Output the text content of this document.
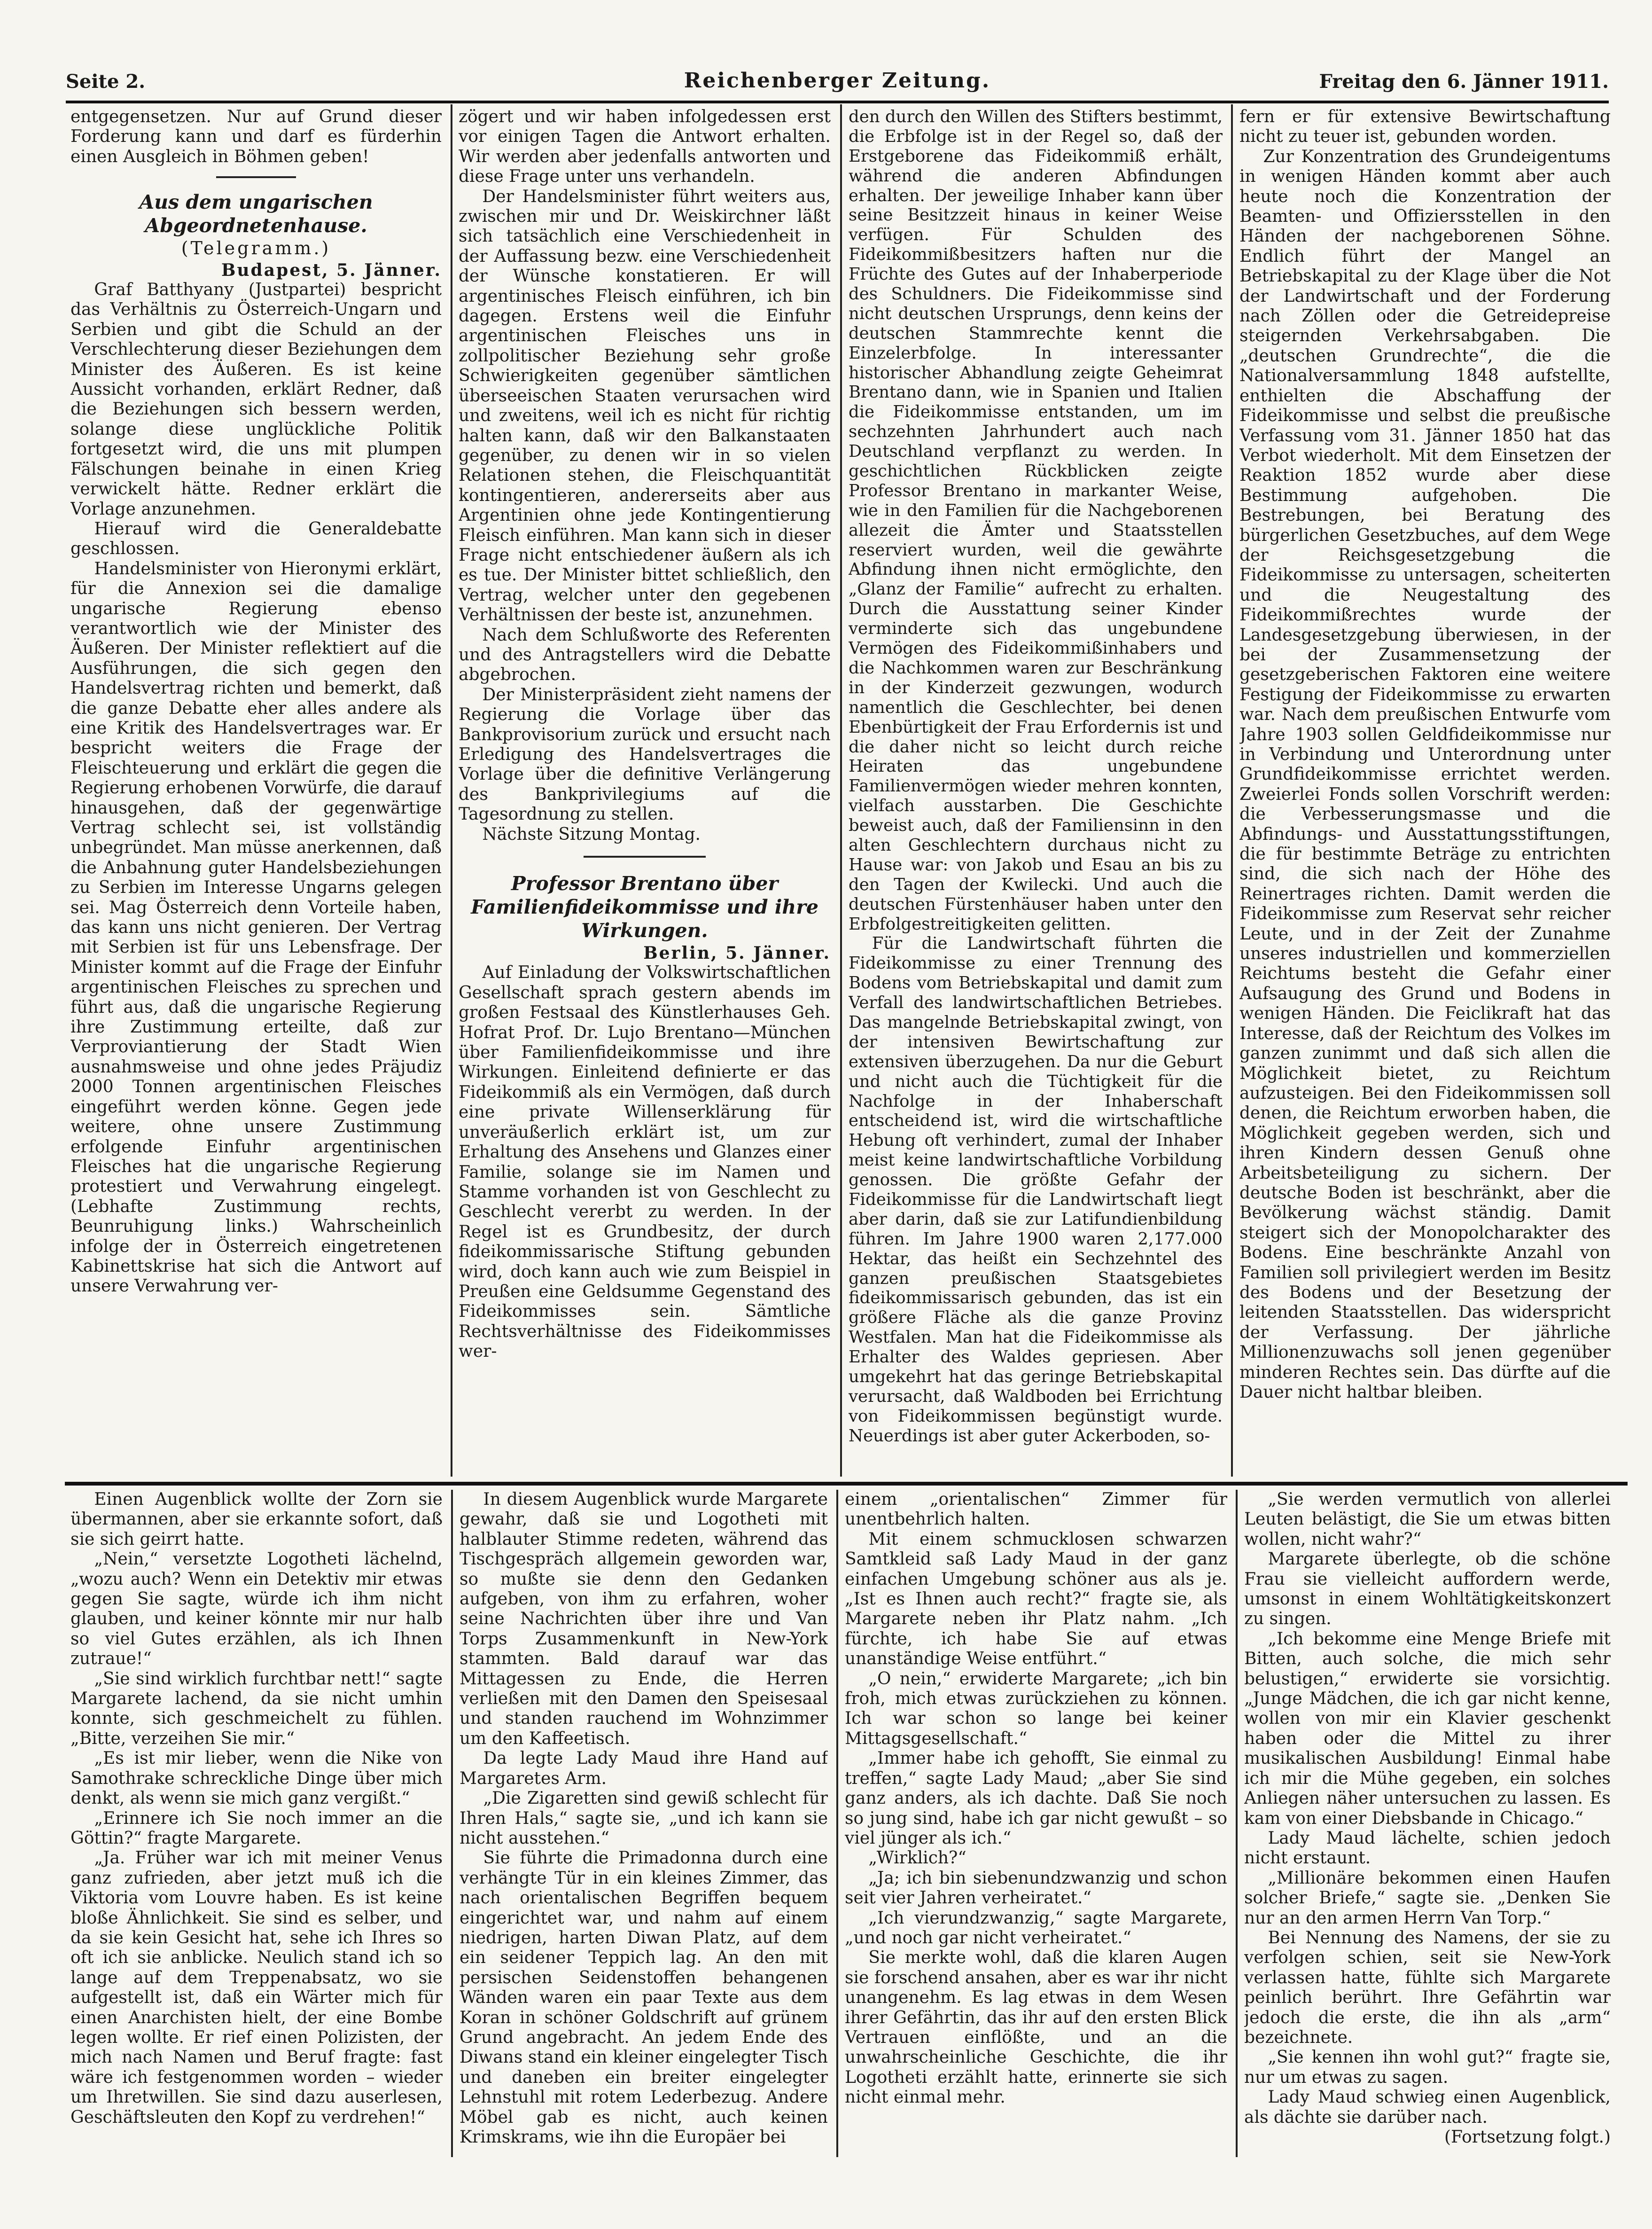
Seite 2.	Reichenberger Zeitung.	Freitag den 6. Jänner 1911.

entgegensetzen. Nur auf Grund dieser Forderung kann und darf es fürderhin einen Ausgleich in Böhmen geben!

Aus dem ungarischen Abgeordnetenhause.
(Telegramm.)
Budapest, 5. Jänner.

Graf Batthyany (Justpartei) bespricht das Verhältnis zu Österreich-Ungarn und Serbien und gibt die Schuld an der Verschlechterung dieser Beziehungen dem Minister des Äußeren. Es ist keine Aussicht vorhanden, erklärt Redner, daß die Beziehungen sich bessern werden, solange diese unglückliche Politik fortgesetzt wird, die uns mit plumpen Fälschungen beinahe in einen Krieg verwickelt hätte. Redner erklärt die Vorlage anzunehmen.

Hierauf wird die Generaldebatte geschlossen.

Handelsminister von Hieronymi erklärt, für die Annexion sei die damalige ungarische Regierung ebenso verantwortlich wie der Minister des Äußeren. Der Minister reflektiert auf die Ausführungen, die sich gegen den Handelsvertrag richten und bemerkt, daß die ganze Debatte eher alles andere als eine Kritik des Handelsvertrages war. Er bespricht weiters die Frage der Fleischteuerung und erklärt die gegen die Regierung erhobenen Vorwürfe, die darauf hinausgehen, daß der gegenwärtige Vertrag schlecht sei, ist vollständig unbegründet. Man müsse anerkennen, daß die Anbahnung guter Handelsbeziehungen zu Serbien im Interesse Ungarns gelegen sei. Mag Österreich denn Vorteile haben, das kann uns nicht genieren. Der Vertrag mit Serbien ist für uns Lebensfrage. Der Minister kommt auf die Frage der Einfuhr argentinischen Fleisches zu sprechen und führt aus, daß die ungarische Regierung ihre Zustimmung erteilte, daß zur Verproviantierung der Stadt Wien ausnahmsweise und ohne jedes Präjudiz 2000 Tonnen argentinischen Fleisches eingeführt werden könne. Gegen jede weitere, ohne unsere Zustimmung erfolgende Einfuhr argentinischen Fleisches hat die ungarische Regierung protestiert und Verwahrung eingelegt. (Lebhafte Zustimmung rechts, Beunruhigung links.) Wahrscheinlich infolge der in Österreich eingetretenen Kabinettskrise hat sich die Antwort auf unsere Verwahrung ver-

zögert und wir haben infolgedessen erst vor einigen Tagen die Antwort erhalten. Wir werden aber jedenfalls antworten und diese Frage unter uns verhandeln.

Der Handelsminister führt weiters aus, zwischen mir und Dr. Weiskirchner läßt sich tatsächlich eine Verschiedenheit in der Auffassung bezw. eine Verschiedenheit der Wünsche konstatieren. Er will argentinisches Fleisch einführen, ich bin dagegen. Erstens weil die Einfuhr argentinischen Fleisches uns in zollpolitischer Beziehung sehr große Schwierigkeiten gegenüber sämtlichen überseeischen Staaten verursachen wird und zweitens, weil ich es nicht für richtig halten kann, daß wir den Balkanstaaten gegenüber, zu denen wir in so vielen Relationen stehen, die Fleischquantität kontingentieren, andererseits aber aus Argentinien ohne jede Kontingentierung Fleisch einführen. Man kann sich in dieser Frage nicht entschiedener äußern als ich es tue. Der Minister bittet schließlich, den Vertrag, welcher unter den gegebenen Verhältnissen der beste ist, anzunehmen.

Nach dem Schlußworte des Referenten und des Antragstellers wird die Debatte abgebrochen.

Der Ministerpräsident zieht namens der Regierung die Vorlage über das Bankprovisorium zurück und ersucht nach Erledigung des Handelsvertrages die Vorlage über die definitive Verlängerung des Bankprivilegiums auf die Tagesordnung zu stellen.

Nächste Sitzung Montag.

Professor Brentano über Familienfideikommisse und ihre Wirkungen.
Berlin, 5. Jänner.

Auf Einladung der Volkswirtschaftlichen Gesellschaft sprach gestern abends im großen Festsaal des Künstlerhauses Geh. Hofrat Prof. Dr. Lujo Brentano—München über Familienfideikommisse und ihre Wirkungen. Einleitend definierte er das Fideikommiß als ein Vermögen, daß durch eine private Willenserklärung für unveräußerlich erklärt ist, um zur Erhaltung des Ansehens und Glanzes einer Familie, solange sie im Namen und Stamme vorhanden ist von Geschlecht zu Geschlecht vererbt zu werden. In der Regel ist es Grundbesitz, der durch fideikommissarische Stiftung gebunden wird, doch kann auch wie zum Beispiel in Preußen eine Geldsumme Gegenstand des Fideikommisses sein. Sämtliche Rechtsverhältnisse des Fideikommisses wer-

den durch den Willen des Stifters bestimmt, die Erbfolge ist in der Regel so, daß der Erstgeborene das Fideikommiß erhält, während die anderen Abfindungen erhalten. Der jeweilige Inhaber kann über seine Besitzzeit hinaus in keiner Weise verfügen. Für Schulden des Fideikommißbesitzers haften nur die Früchte des Gutes auf der Inhaberperiode des Schuldners. Die Fideikommisse sind nicht deutschen Ursprungs, denn keins der deutschen Stammrechte kennt die Einzelerbfolge. In interessanter historischer Abhandlung zeigte Geheimrat Brentano dann, wie in Spanien und Italien die Fideikommisse entstanden, um im sechzehnten Jahrhundert auch nach Deutschland verpflanzt zu werden. In geschichtlichen Rückblicken zeigte Professor Brentano in markanter Weise, wie in den Familien für die Nachgeborenen allezeit die Ämter und Staatsstellen reserviert wurden, weil die gewährte Abfindung ihnen nicht ermöglichte, den „Glanz der Familie“ aufrecht zu erhalten. Durch die Ausstattung seiner Kinder verminderte sich das ungebundene Vermögen des Fideikommißinhabers und die Nachkommen waren zur Beschränkung in der Kinderzeit gezwungen, wodurch namentlich die Geschlechter, bei denen Ebenbürtigkeit der Frau Erfordernis ist und die daher nicht so leicht durch reiche Heiraten das ungebundene Familienvermögen wieder mehren konnten, vielfach ausstarben. Die Geschichte beweist auch, daß der Familiensinn in den alten Geschlechtern durchaus nicht zu Hause war: von Jakob und Esau an bis zu den Tagen der Kwilecki. Und auch die deutschen Fürstenhäuser haben unter den Erbfolgestreitigkeiten gelitten.

Für die Landwirtschaft führten die Fideikommisse zu einer Trennung des Bodens vom Betriebskapital und damit zum Verfall des landwirtschaftlichen Betriebes. Das mangelnde Betriebskapital zwingt, von der intensiven Bewirtschaftung zur extensiven überzugehen. Da nur die Geburt und nicht auch die Tüchtigkeit für die Nachfolge in der Inhaberschaft entscheidend ist, wird die wirtschaftliche Hebung oft verhindert, zumal der Inhaber meist keine landwirtschaftliche Vorbildung genossen. Die größte Gefahr der Fideikommisse für die Landwirtschaft liegt aber darin, daß sie zur Latifundienbildung führen. Im Jahre 1900 waren 2,177.000 Hektar, das heißt ein Sechzehntel des ganzen preußischen Staatsgebietes fideikommissarisch gebunden, das ist ein größere Fläche als die ganze Provinz Westfalen. Man hat die Fideikommisse als Erhalter des Waldes gepriesen. Aber umgekehrt hat das geringe Betriebskapital verursacht, daß Waldboden bei Errichtung von Fideikommissen begünstigt wurde. Neuerdings ist aber guter Ackerboden, so-

fern er für extensive Bewirtschaftung nicht zu teuer ist, gebunden worden.

Zur Konzentration des Grundeigentums in wenigen Händen kommt aber auch heute noch die Konzentration der Beamten- und Offiziersstellen in den Händen der nachgeborenen Söhne. Endlich führt der Mangel an Betriebskapital zu der Klage über die Not der Landwirtschaft und der Forderung nach Zöllen oder die Getreidepreise steigernden Verkehrsabgaben. Die „deutschen Grundrechte“, die die Nationalversammlung 1848 aufstellte, enthielten die Abschaffung der Fideikommisse und selbst die preußische Verfassung vom 31. Jänner 1850 hat das Verbot wiederholt. Mit dem Einsetzen der Reaktion 1852 wurde aber diese Bestimmung aufgehoben. Die Bestrebungen, bei Beratung des bürgerlichen Gesetzbuches, auf dem Wege der Reichsgesetzgebung die Fideikommisse zu untersagen, scheiterten und die Neugestaltung des Fideikommißrechtes wurde der Landesgesetzgebung überwiesen, in der bei der Zusammensetzung der gesetzgeberischen Faktoren eine weitere Festigung der Fideikommisse zu erwarten war. Nach dem preußischen Entwurfe vom Jahre 1903 sollen Geldfideikommisse nur in Verbindung und Unterordnung unter Grundfideikommisse errichtet werden. Zweierlei Fonds sollen Vorschrift werden: die Verbesserungsmasse und die Abfindungs- und Ausstattungsstiftungen, die für bestimmte Beträge zu entrichten sind, die sich nach der Höhe des Reinertrages richten. Damit werden die Fideikommisse zum Reservat sehr reicher Leute, und in der Zeit der Zunahme unseres industriellen und kommerziellen Reichtums besteht die Gefahr einer Aufsaugung des Grund und Bodens in wenigen Händen. Die Feiclikraft hat das Interesse, daß der Reichtum des Volkes im ganzen zunimmt und daß sich allen die Möglichkeit bietet, zu Reichtum aufzusteigen. Bei den Fideikommissen soll denen, die Reichtum erworben haben, die Möglichkeit gegeben werden, sich und ihren Kindern dessen Genuß ohne Arbeitsbeteiligung zu sichern. Der deutsche Boden ist beschränkt, aber die Bevölkerung wächst ständig. Damit steigert sich der Monopolcharakter des Bodens. Eine beschränkte Anzahl von Familien soll privilegiert werden im Besitz des Bodens und der Besetzung der leitenden Staatsstellen. Das widerspricht der Verfassung. Der jährliche Millionenzuwachs soll jenen gegenüber minderen Rechtes sein. Das dürfte auf die Dauer nicht haltbar bleiben.

Einen Augenblick wollte der Zorn sie übermannen, aber sie erkannte sofort, daß sie sich geirrt hatte.

„Nein,“ versetzte Logotheti lächelnd, „wozu auch? Wenn ein Detektiv mir etwas gegen Sie sagte, würde ich ihm nicht glauben, und keiner könnte mir nur halb so viel Gutes erzählen, als ich Ihnen zutraue!“

„Sie sind wirklich furchtbar nett!“ sagte Margarete lachend, da sie nicht umhin konnte, sich geschmeichelt zu fühlen. „Bitte, verzeihen Sie mir.“

„Es ist mir lieber, wenn die Nike von Samothrake schreckliche Dinge über mich denkt, als wenn sie mich ganz vergißt.“

„Erinnere ich Sie noch immer an die Göttin?“ fragte Margarete.

„Ja. Früher war ich mit meiner Venus ganz zufrieden, aber jetzt muß ich die Viktoria vom Louvre haben. Es ist keine bloße Ähnlichkeit. Sie sind es selber, und da sie kein Gesicht hat, sehe ich Ihres so oft ich sie anblicke. Neulich stand ich so lange auf dem Treppenabsatz, wo sie aufgestellt ist, daß ein Wärter mich für einen Anarchisten hielt, der eine Bombe legen wollte. Er rief einen Polizisten, der mich nach Namen und Beruf fragte: fast wäre ich festgenommen worden – wieder um Ihretwillen. Sie sind dazu auserlesen, Geschäftsleuten den Kopf zu verdrehen!“

In diesem Augenblick wurde Margarete gewahr, daß sie und Logotheti mit halblauter Stimme redeten, während das Tischgespräch allgemein geworden war, so mußte sie denn den Gedanken aufgeben, von ihm zu erfahren, woher seine Nachrichten über ihre und Van Torps Zusammenkunft in New-York stammten. Bald darauf war das Mittagessen zu Ende, die Herren verließen mit den Damen den Speisesaal und standen rauchend im Wohnzimmer um den Kaffeetisch.

Da legte Lady Maud ihre Hand auf Margaretes Arm.

„Die Zigaretten sind gewiß schlecht für Ihren Hals,“ sagte sie, „und ich kann sie nicht ausstehen.“

Sie führte die Primadonna durch eine verhängte Tür in ein kleines Zimmer, das nach orientalischen Begriffen bequem eingerichtet war, und nahm auf einem niedrigen, harten Diwan Platz, auf dem ein seidener Teppich lag. An den mit persischen Seidenstoffen behangenen Wänden waren ein paar Texte aus dem Koran in schöner Goldschrift auf grünem Grund angebracht. An jedem Ende des Diwans stand ein kleiner eingelegter Tisch und daneben ein breiter eingelegter Lehnstuhl mit rotem Lederbezug. Andere Möbel gab es nicht, auch keinen Krimskrams, wie ihn die Europäer bei

einem „orientalischen“ Zimmer für unentbehrlich halten.

Mit einem schmucklosen schwarzen Samtkleid saß Lady Maud in der ganz einfachen Umgebung schöner aus als je. „Ist es Ihnen auch recht?“ fragte sie, als Margarete neben ihr Platz nahm. „Ich fürchte, ich habe Sie auf etwas unanständige Weise entführt.“

„O nein,“ erwiderte Margarete; „ich bin froh, mich etwas zurückziehen zu können. Ich war schon so lange bei keiner Mittagsgesellschaft.“

„Immer habe ich gehofft, Sie einmal zu treffen,“ sagte Lady Maud; „aber Sie sind ganz anders, als ich dachte. Daß Sie noch so jung sind, habe ich gar nicht gewußt – so viel jünger als ich.“

„Wirklich?“

„Ja; ich bin siebenundzwanzig und schon seit vier Jahren verheiratet.“

„Ich vierundzwanzig,“ sagte Margarete, „und noch gar nicht verheiratet.“

Sie merkte wohl, daß die klaren Augen sie forschend ansahen, aber es war ihr nicht unangenehm. Es lag etwas in dem Wesen ihrer Gefährtin, das ihr auf den ersten Blick Vertrauen einflößte, und an die unwahrscheinliche Geschichte, die ihr Logotheti erzählt hatte, erinnerte sie sich nicht einmal mehr.

„Sie werden vermutlich von allerlei Leuten belästigt, die Sie um etwas bitten wollen, nicht wahr?“

Margarete überlegte, ob die schöne Frau sie vielleicht auffordern werde, umsonst in einem Wohltätigkeitskonzert zu singen.

„Ich bekomme eine Menge Briefe mit Bitten, auch solche, die mich sehr belustigen,“ erwiderte sie vorsichtig. „Junge Mädchen, die ich gar nicht kenne, wollen von mir ein Klavier geschenkt haben oder die Mittel zu ihrer musikalischen Ausbildung! Einmal habe ich mir die Mühe gegeben, ein solches Anliegen näher untersuchen zu lassen. Es kam von einer Diebsbande in Chicago.“

Lady Maud lächelte, schien jedoch nicht erstaunt.

„Millionäre bekommen einen Haufen solcher Briefe,“ sagte sie. „Denken Sie nur an den armen Herrn Van Torp.“

Bei Nennung des Namens, der sie zu verfolgen schien, seit sie New-York verlassen hatte, fühlte sich Margarete peinlich berührt. Ihre Gefährtin war jedoch die erste, die ihn als „arm“ bezeichnete.

„Sie kennen ihn wohl gut?“ fragte sie, nur um etwas zu sagen.

Lady Maud schwieg einen Augenblick, als dächte sie darüber nach.

(Fortsetzung folgt.)
